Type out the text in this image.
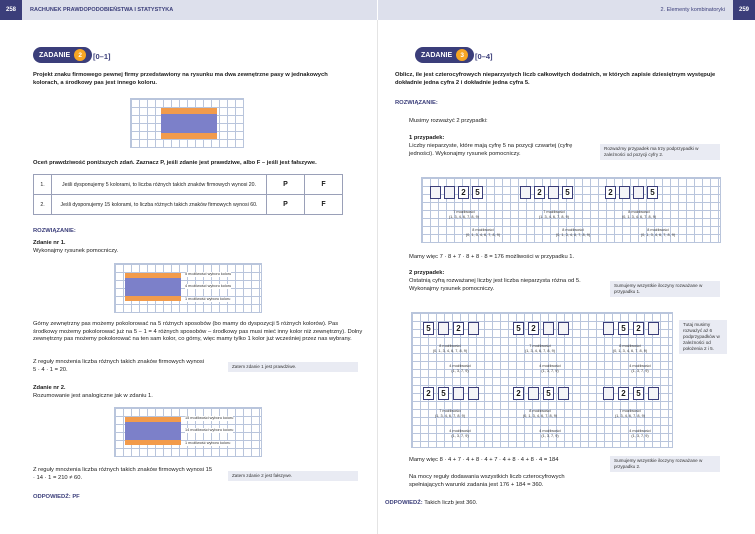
258	RACHUNEK PRAWDOPODOBIEŃSTWA I STATYSTYKA	2. Elementy kombinatoryki	259
ZADANIE	2	[0–1]
Projekt znaku firmowego pewnej firmy przedstawiony na rysunku ma dwa zewnętrzne pasy w jednakowych kolorach, a środkowy pas jest innego koloru.
Oceń prawdziwość poniższych zdań. Zaznacz P, jeśli zdanie jest prawdziwe, albo F – jeśli jest fałszywe.
1.	Jeśli dysponujemy 5 kolorami, to liczba różnych takich znaków firmowych wynosi 20.	P	F
2.	Jeśli dysponujemy 15 kolorami, to liczba różnych takich znaków firmowych wynosi 60.	P	F
ROZWIĄZANIE:
Zdanie nr 1.
Wykonajmy rysunek pomocniczy.
5 możliwości wyboru koloru
4 możliwości wyboru koloru
1 możliwość wyboru koloru
Górny zewnętrzny pas możemy pokolorować na 5 różnych sposobów (bo mamy do dyspozycji 5 różnych kolorów). Pas środkowy możemy pokolorować już na 5 − 1 = 4 różnych sposobów – środkowy pas musi mieć inny kolor niż zewnętrzny). Dolny zewnętrzny pas możemy pokolorować na ten sam kolor, co górny, więc mamy tylko 1 kolor już wcześniej przez nas wybrany.
Z reguły mnożenia liczba różnych takich znaków firmowych wynosi 5 · 4 · 1 = 20.
Zatem zdanie 1 jest prawdziwe.
Zdanie nr 2.
Rozumowanie jest analogiczne jak w zdaniu 1.
15 możliwości wyboru koloru
14 możliwości wyboru koloru
1 możliwość wyboru koloru
Z reguły mnożenia liczba różnych takich znaków firmowych wynosi 15 · 14 · 1 = 210 ≠ 60.	Zatem zdanie 2 jest fałszywe.
ODPOWIEDŹ: PF
ZADANIE	3	[0–4]
Oblicz, ile jest czterocyfrowych nieparzystych liczb całkowitych dodatnich, w których zapisie dziesiętnym występuje dokładnie jedna cyfra 2 i dokładnie jedna cyfra 5.
ROZWIĄZANIE:
Musimy rozważyć 2 przypadki:
1 przypadek:
Liczby nieparzyste, które mają cyfrę 5 na pozycji czwartej (cyfrę jedności). Wykonajmy rysunek pomocniczy.
Rozważmy przypadek ma trzy podprzypadki w zależności od pozycji cyfry 2.
2	5
7 możliwości
(1, 3, 4, 6, 7, 8, 9)
8 możliwości
(0, 1, 3, 4, 6, 7, 8, 9)
2	5
7 możliwości
(1, 3, 4, 6, 7, 8, 9)
8 możliwości
(0, 1, 3, 4, 6, 7, 8, 9)
2	5
8 możliwości
(0, 1, 3, 4, 6, 7, 8, 9)
8 możliwości
(0, 1, 3, 4, 6, 7, 8, 9)
Mamy więc 7 · 8 + 7 · 8 + 8 · 8 = 176 możliwości w przypadku 1.
2 przypadek:
Ostatnią cyfrą rozważanej liczby jest liczba nieparzysta różna od 5. Wykonajmy rysunek pomocniczy.
Sumujemy wszystkie iloczyny rozważane w przypadku 1.
Tutaj musimy rozważyć aż 6 podprzypadków w zależności od położenia 2 i 5.
5	2
8 możliwości
(0, 1, 3, 4, 6, 7, 8, 9)
4 możliwości
(1, 3, 7, 9)
5	2
7 możliwości
(1, 3, 4, 6, 7, 8, 9)
4 możliwości
(1, 3, 7, 9)
5	2
8 możliwości
(0, 1, 3, 4, 6, 7, 8, 9)
4 możliwości
(1, 3, 7, 9)
2	5
7 możliwości
(1, 3, 4, 6, 7, 8, 9)
4 możliwości
(1, 3, 7, 9)
2	5
8 możliwości
(0, 1, 3, 4, 6, 7, 8, 9)
4 możliwości
(1, 3, 7, 9)
2	5
7 możliwości
(1, 3, 4, 6, 7, 8, 9)
4 możliwości
(1, 3, 7, 9)
Mamy więc 8 · 4 + 7 · 4 + 8 · 4 + 7 · 4 + 8 · 4 + 8 · 4 = 184	Sumujemy wszystkie iloczyny rozważane w przypadku 2.
Na mocy reguły dodawania wszystkich liczb czterocyfrowych spełniających warunki zadania jest 176 + 184 = 360.
ODPOWIEDŹ: Takich liczb jest 360.
